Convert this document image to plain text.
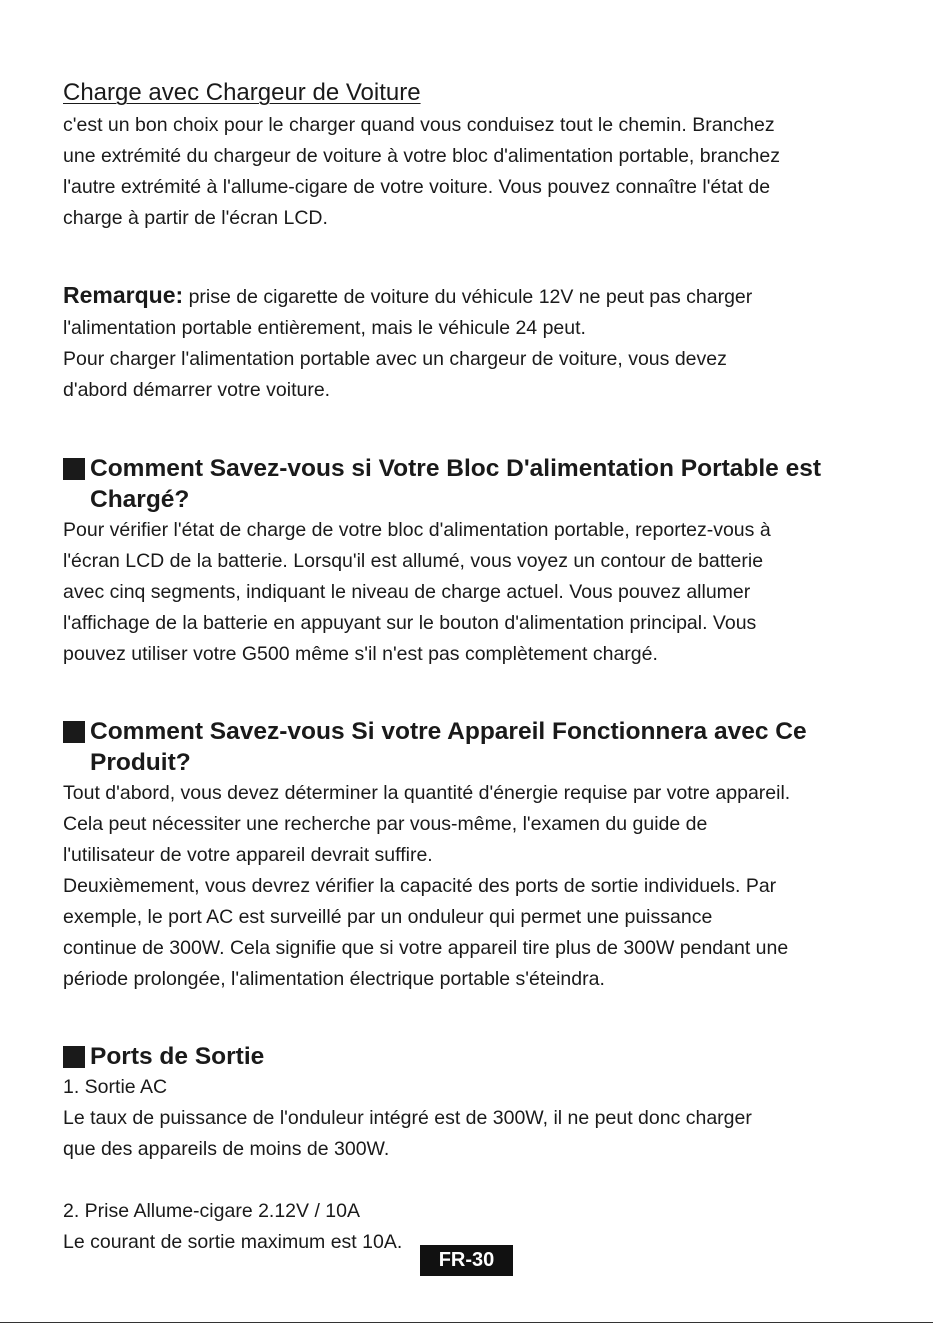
Charge avec Chargeur de Voiture

c'est un bon choix pour le charger quand vous conduisez tout le chemin. Branchez

une extrémité du chargeur de voiture à votre bloc d'alimentation portable, branchez

l'autre extrémité à l'allume-cigare de votre voiture. Vous pouvez connaître l'état de

charge à partir de l'écran LCD.

Remarque: prise de cigarette de voiture du véhicule 12V ne peut pas charger

l'alimentation portable entièrement, mais le véhicule 24 peut.

Pour charger l'alimentation portable avec un chargeur de voiture, vous devez

d'abord démarrer votre voiture.

Comment Savez-vous si Votre Bloc D'alimentation Portable est Chargé?

Pour vérifier l'état de charge de votre bloc d'alimentation portable, reportez-vous à

l'écran LCD de la batterie. Lorsqu'il est allumé, vous voyez un contour de batterie

avec cinq segments, indiquant le niveau de charge actuel. Vous pouvez allumer

l'affichage de la batterie en appuyant sur le bouton d'alimentation principal. Vous

pouvez utiliser votre G500 même s'il n'est pas complètement chargé.

Comment Savez-vous Si votre Appareil Fonctionnera avec Ce Produit?

Tout d'abord, vous devez déterminer la quantité d'énergie requise par votre appareil.

Cela peut nécessiter une recherche par vous-même, l'examen du guide de

l'utilisateur de votre appareil devrait suffire.

Deuxièmement, vous devrez vérifier la capacité des ports de sortie individuels. Par

exemple, le port AC est surveillé par un onduleur qui permet une puissance

continue de 300W. Cela signifie que si votre appareil tire plus de 300W pendant une

période prolongée, l'alimentation électrique portable s'éteindra.

Ports de Sortie

1. Sortie AC

Le taux de puissance de l'onduleur intégré est de 300W, il ne peut donc charger

que des appareils de moins de 300W.

2. Prise Allume-cigare 2.12V / 10A

Le courant de sortie maximum est 10A.

FR-30
